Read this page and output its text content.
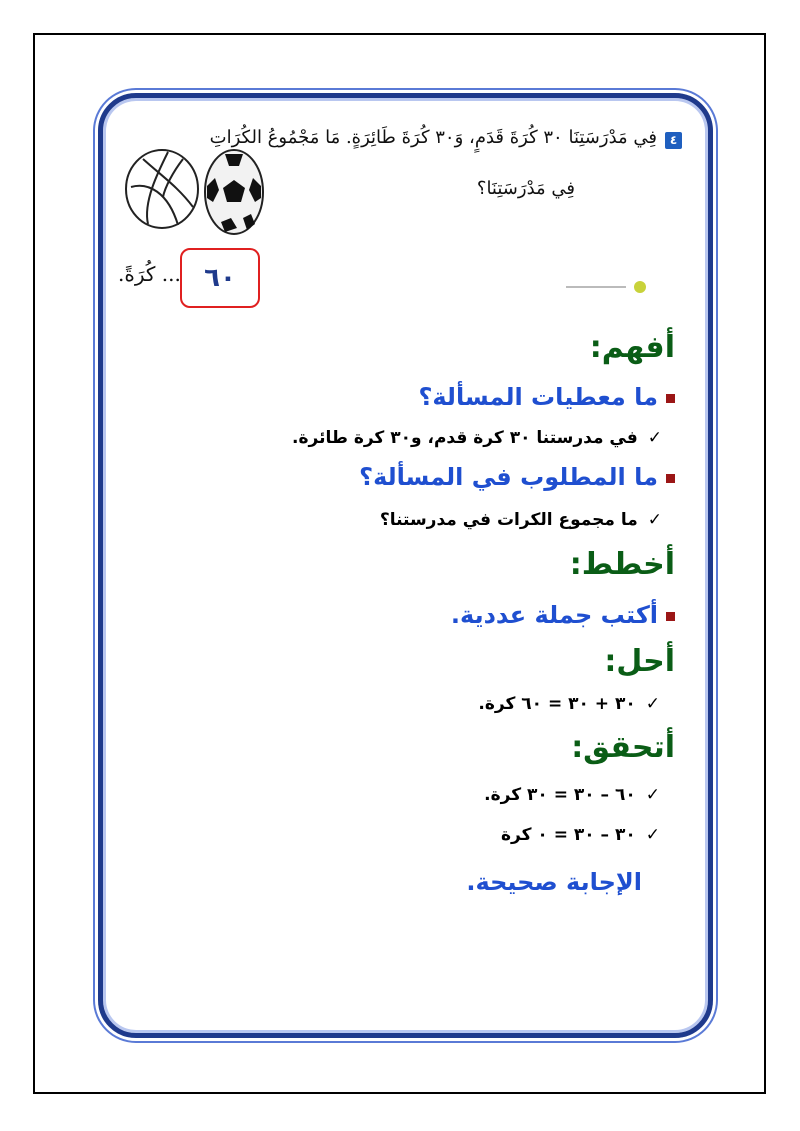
٤
فِي مَدْرَسَتِنَا ٣٠ كُرَةَ قَدَمٍ، وَ٣٠ كُرَةَ طَائِرَةٍ. مَا مَجْمُوعُ الكُرَاتِ
فِي مَدْرَسَتِنَا؟
٦٠
... كُرَةً.
أفهم:
ما معطيات المسألة؟
✓في مدرستنا ٣٠ كرة قدم، و٣٠ كرة طائرة.
ما المطلوب في المسألة؟
✓ما مجموع الكرات في مدرستنا؟
أخطط:
أكتب جملة عددية.
أحل:
✓٣٠ + ٣٠ = ٦٠ كرة.
أتحقق:
✓٦٠ – ٣٠ = ٣٠ كرة.
✓٣٠ – ٣٠ = ٠ كرة
الإجابة صحيحة.
